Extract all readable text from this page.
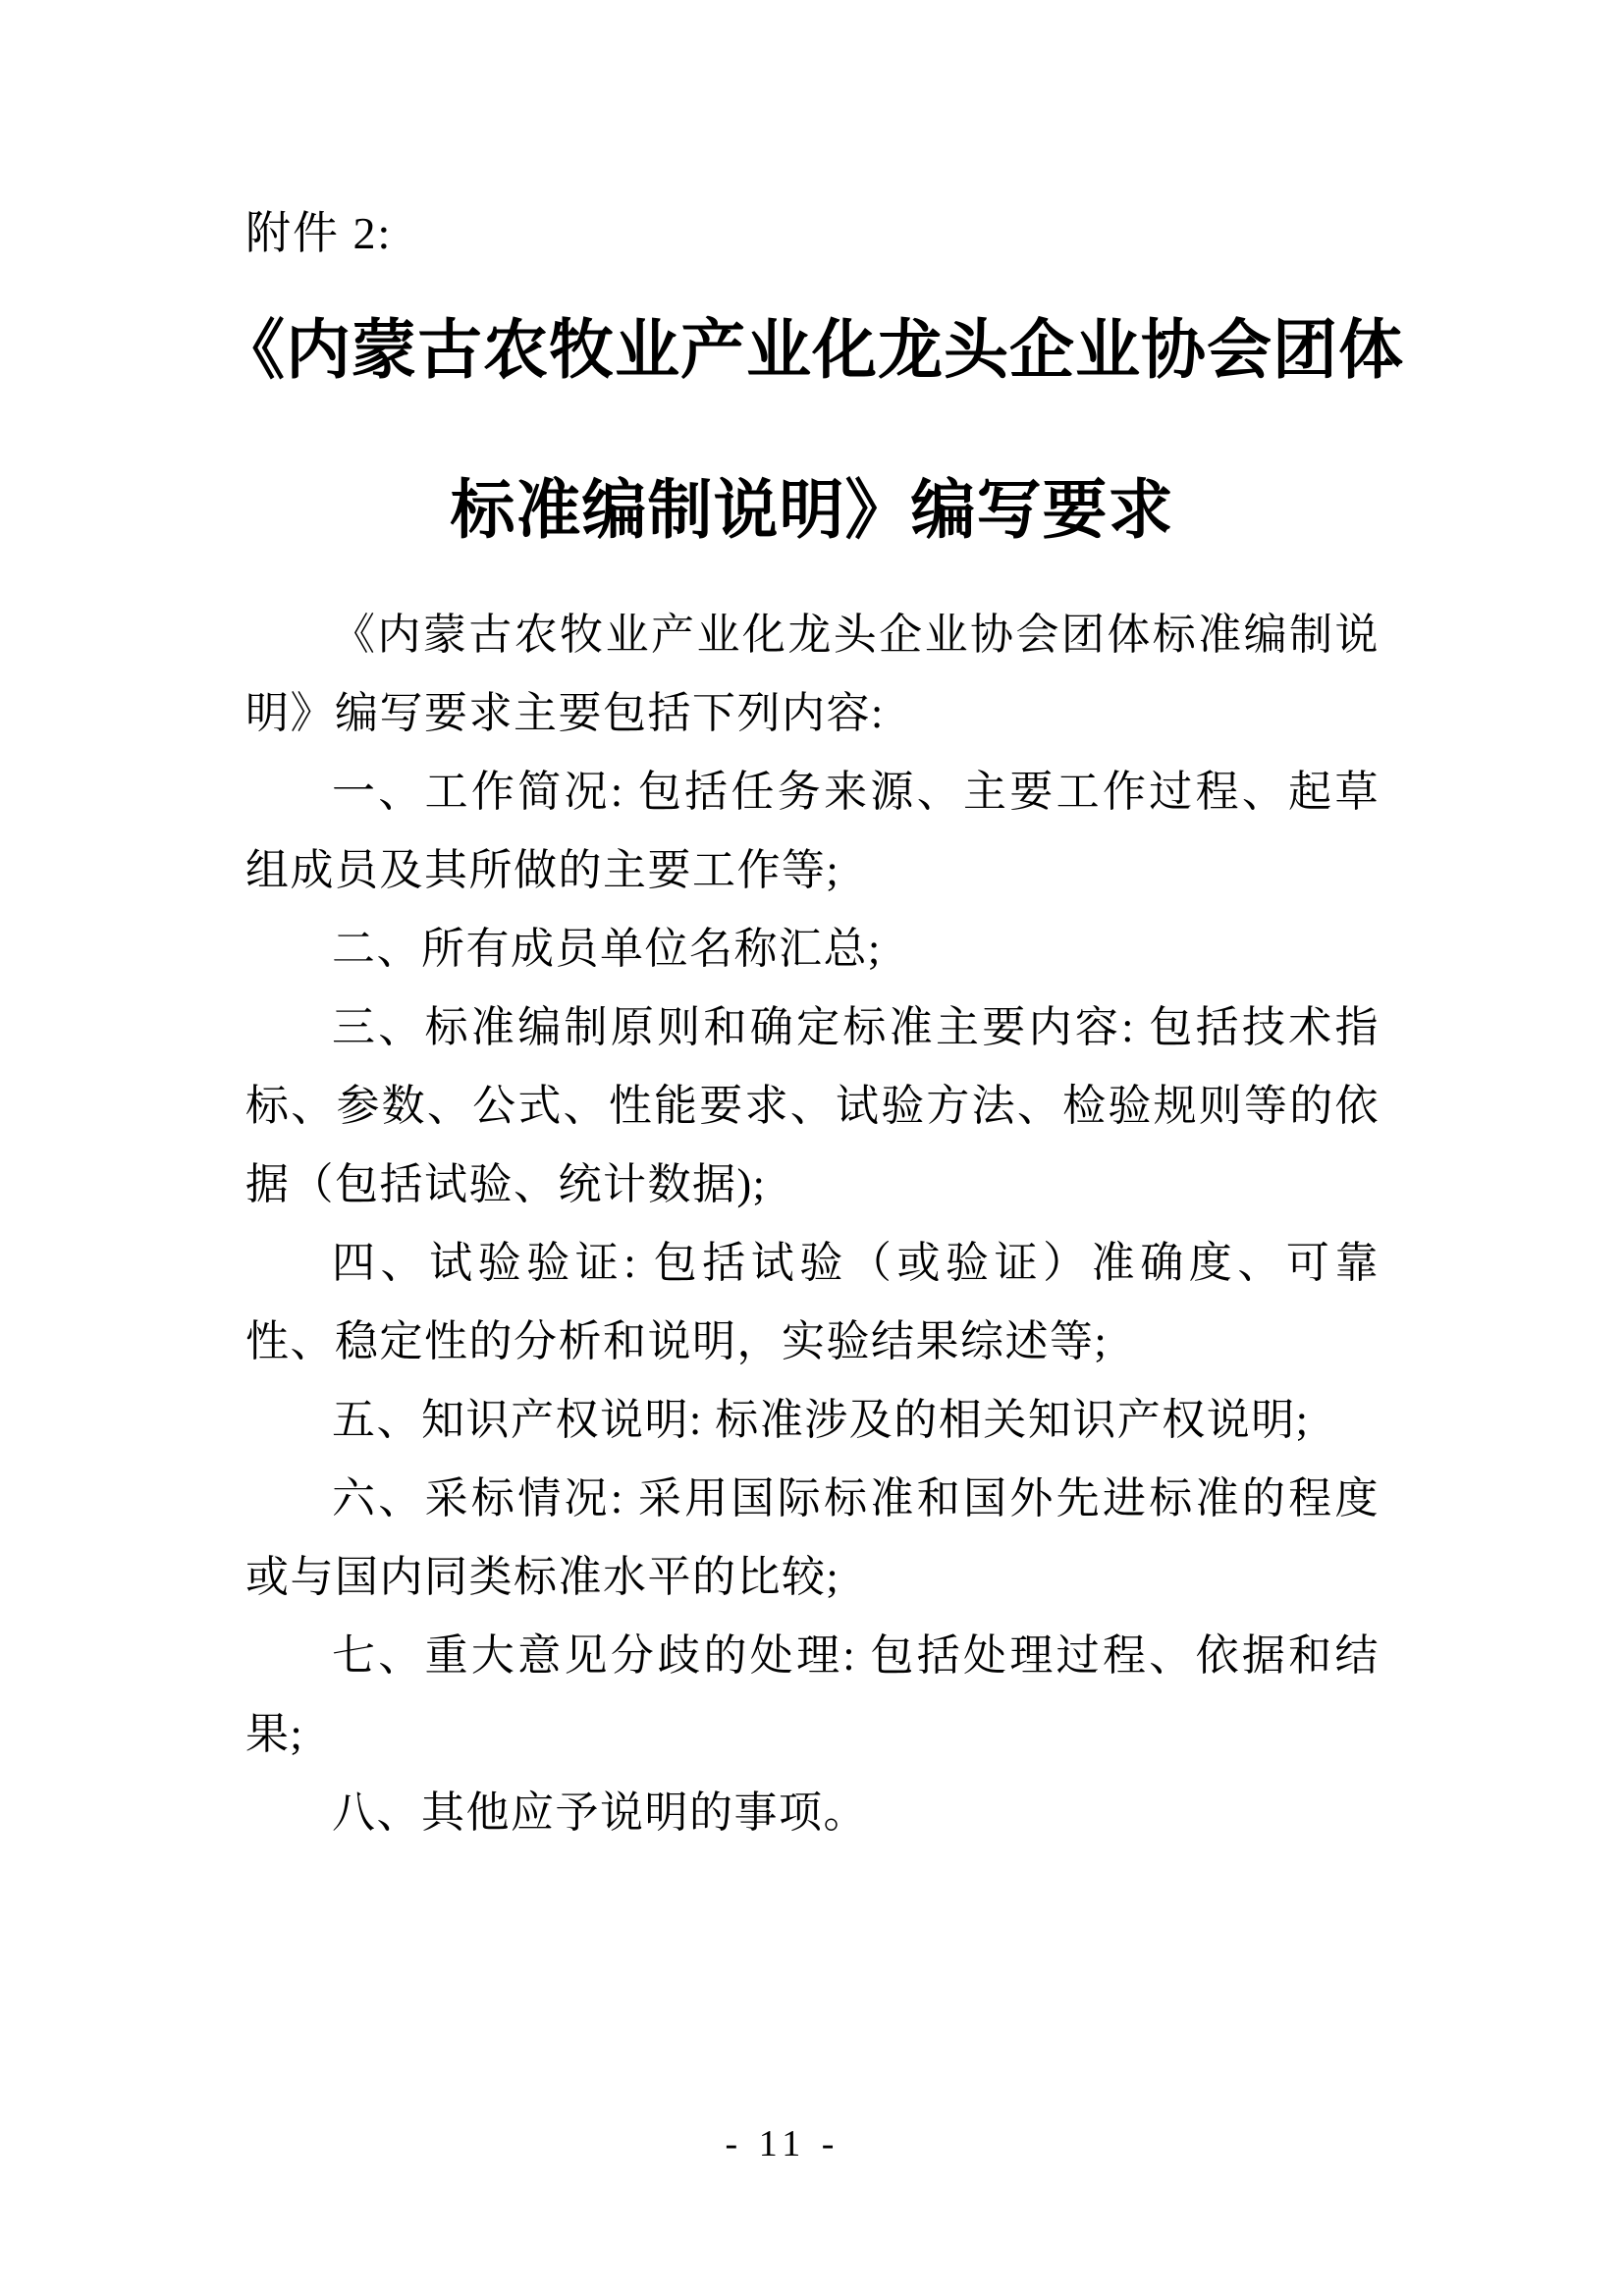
附件 2:
《内蒙古农牧业产业化龙头企业协会团体
标准编制说明》编写要求

《内蒙古农牧业产业化龙头企业协会团体标准编制说明》编写要求主要包括下列内容:

一、工作简况: 包括任务来源、主要工作过程、起草组成员及其所做的主要工作等;

二、所有成员单位名称汇总;

三、标准编制原则和确定标准主要内容: 包括技术指标、参数、公式、性能要求、试验方法、检验规则等的依据（包括试验、统计数据);

四、试验验证: 包括试验（或验证）准确度、可靠性、稳定性的分析和说明，实验结果综述等;

五、知识产权说明: 标准涉及的相关知识产权说明;

六、采标情况: 采用国际标准和国外先进标准的程度或与国内同类标准水平的比较;

七、重大意见分歧的处理: 包括处理过程、依据和结果;

八、其他应予说明的事项。

- 11 -
